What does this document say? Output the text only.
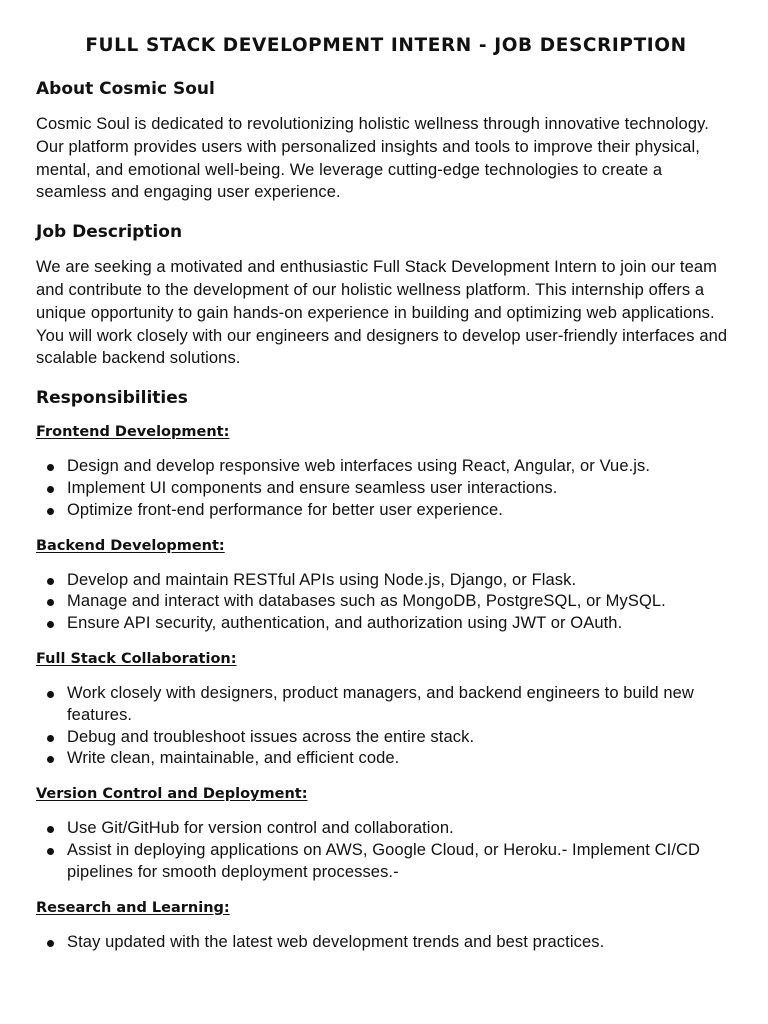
FULL STACK DEVELOPMENT INTERN - JOB DESCRIPTION
About Cosmic Soul

Cosmic Soul is dedicated to revolutionizing holistic wellness through innovative technology. Our platform provides users with personalized insights and tools to improve their physical, mental, and emotional well-being. We leverage cutting-edge technologies to create a seamless and engaging user experience.

Job Description

We are seeking a motivated and enthusiastic Full Stack Development Intern to join our team and contribute to the development of our holistic wellness platform. This internship offers a unique opportunity to gain hands-on experience in building and optimizing web applications. You will work closely with our engineers and designers to develop user-friendly interfaces and scalable backend solutions.

Responsibilities
Frontend Development:
Design and develop responsive web interfaces using React, Angular, or Vue.js.
Implement UI components and ensure seamless user interactions.
Optimize front-end performance for better user experience.
Backend Development:
Develop and maintain RESTful APIs using Node.js, Django, or Flask.
Manage and interact with databases such as MongoDB, PostgreSQL, or MySQL.
Ensure API security, authentication, and authorization using JWT or OAuth.
Full Stack Collaboration:
Work closely with designers, product managers, and backend engineers to build new features.
Debug and troubleshoot issues across the entire stack.
Write clean, maintainable, and efficient code.
Version Control and Deployment:
Use Git/GitHub for version control and collaboration.
Assist in deploying applications on AWS, Google Cloud, or Heroku.- Implement CI/CD pipelines for smooth deployment processes.-
Research and Learning:
Stay updated with the latest web development trends and best practices.
